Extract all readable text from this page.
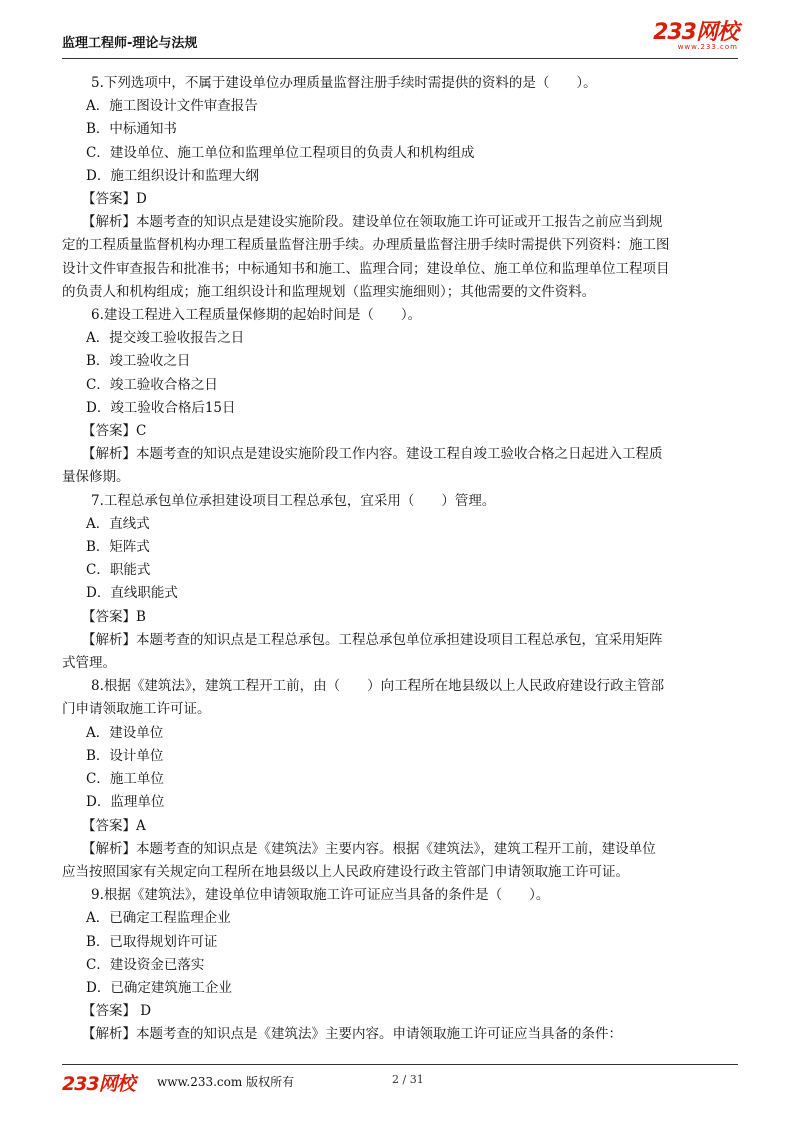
监理工程师-理论与法规	233网校
www.233.com
5.下列选项中，不属于建设单位办理质量监督注册手续时需提供的资料的是（　　）。
A．施工图设计文件审查报告
B．中标通知书
C．建设单位、施工单位和监理单位工程项目的负责人和机构组成
D．施工组织设计和监理大纲
【答案】D
【解析】本题考查的知识点是建设实施阶段。建设单位在领取施工许可证或开工报告之前应当到规
定的工程质量监督机构办理工程质量监督注册手续。办理质量监督注册手续时需提供下列资料：施工图
设计文件审查报告和批准书；中标通知书和施工、监理合同；建设单位、施工单位和监理单位工程项目
的负责人和机构组成；施工组织设计和监理规划（监理实施细则）；其他需要的文件资料。
6.建设工程进入工程质量保修期的起始时间是（　　）。
A．提交竣工验收报告之日
B．竣工验收之日
C．竣工验收合格之日
D．竣工验收合格后15日
【答案】C
【解析】本题考查的知识点是建设实施阶段工作内容。建设工程自竣工验收合格之日起进入工程质
量保修期。
7.工程总承包单位承担建设项目工程总承包，宜采用（　　）管理。
A．直线式
B．矩阵式
C．职能式
D．直线职能式
【答案】B
【解析】本题考查的知识点是工程总承包。工程总承包单位承担建设项目工程总承包，宜采用矩阵
式管理。
8.根据《建筑法》，建筑工程开工前，由（　　）向工程所在地县级以上人民政府建设行政主管部
门申请领取施工许可证。
A．建设单位
B．设计单位
C．施工单位
D．监理单位
【答案】A
【解析】本题考查的知识点是《建筑法》主要内容。根据《建筑法》，建筑工程开工前，建设单位
应当按照国家有关规定向工程所在地县级以上人民政府建设行政主管部门申请领取施工许可证。
9.根据《建筑法》，建设单位申请领取施工许可证应当具备的条件是（　　）。
A．已确定工程监理企业
B．已取得规划许可证
C．建设资金已落实
D．已确定建筑施工企业
【答案】 D
【解析】本题考查的知识点是《建筑法》主要内容。申请领取施工许可证应当具备的条件：
233网校 www.233.com 版权所有	2 / 31
